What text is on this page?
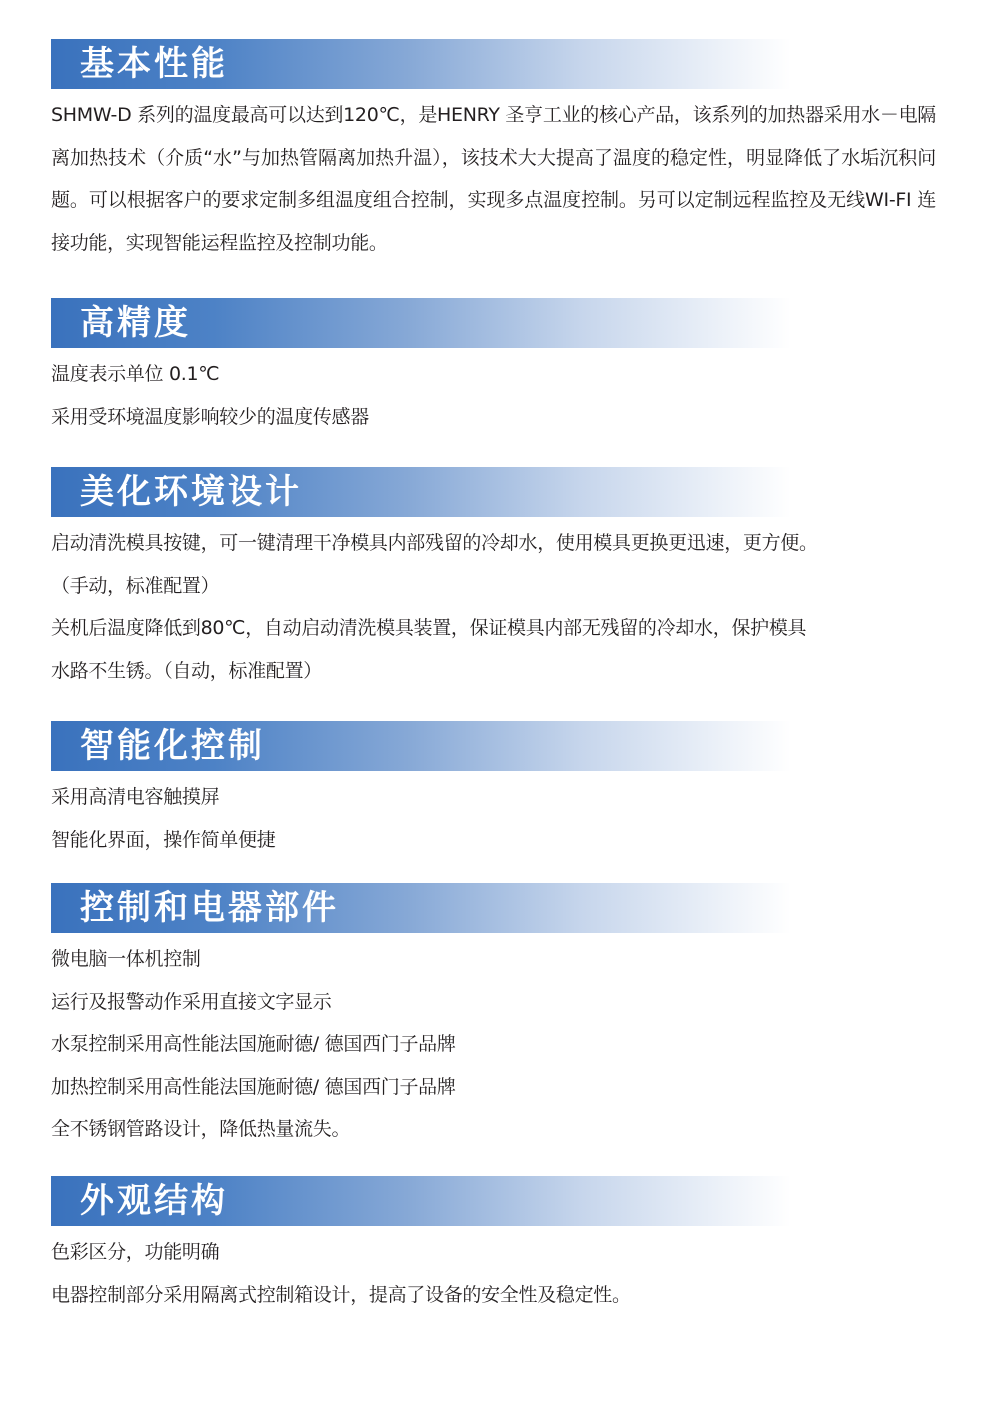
基本性能
SHMW-D 系列的温度最高可以达到120℃，是HENRY 圣亨工业的核心产品，该系列的加热器采用水－电隔离加热技术（介质“水”与加热管隔离加热升温），该技术大大提高了温度的稳定性，明显降低了水垢沉积问题。可以根据客户的要求定制多组温度组合控制，实现多点温度控制。另可以定制远程监控及无线WI-FI 连接功能，实现智能运程监控及控制功能。
高精度
温度表示单位 0.1℃
采用受环境温度影响较少的温度传感器
美化环境设计
启动清洗模具按键，可一键清理干净模具内部残留的冷却水，使用模具更换更迅速，更方便。
（手动，标准配置）
关机后温度降低到80℃，自动启动清洗模具装置，保证模具内部无残留的冷却水，保护模具
水路不生锈。（自动，标准配置）
智能化控制
采用高清电容触摸屏
智能化界面，操作简单便捷
控制和电器部件
微电脑一体机控制
运行及报警动作采用直接文字显示
水泵控制采用高性能法国施耐德/ 德国西门子品牌
加热控制采用高性能法国施耐德/ 德国西门子品牌
全不锈钢管路设计，降低热量流失。
外观结构
色彩区分，功能明确
电器控制部分采用隔离式控制箱设计，提高了设备的安全性及稳定性。
